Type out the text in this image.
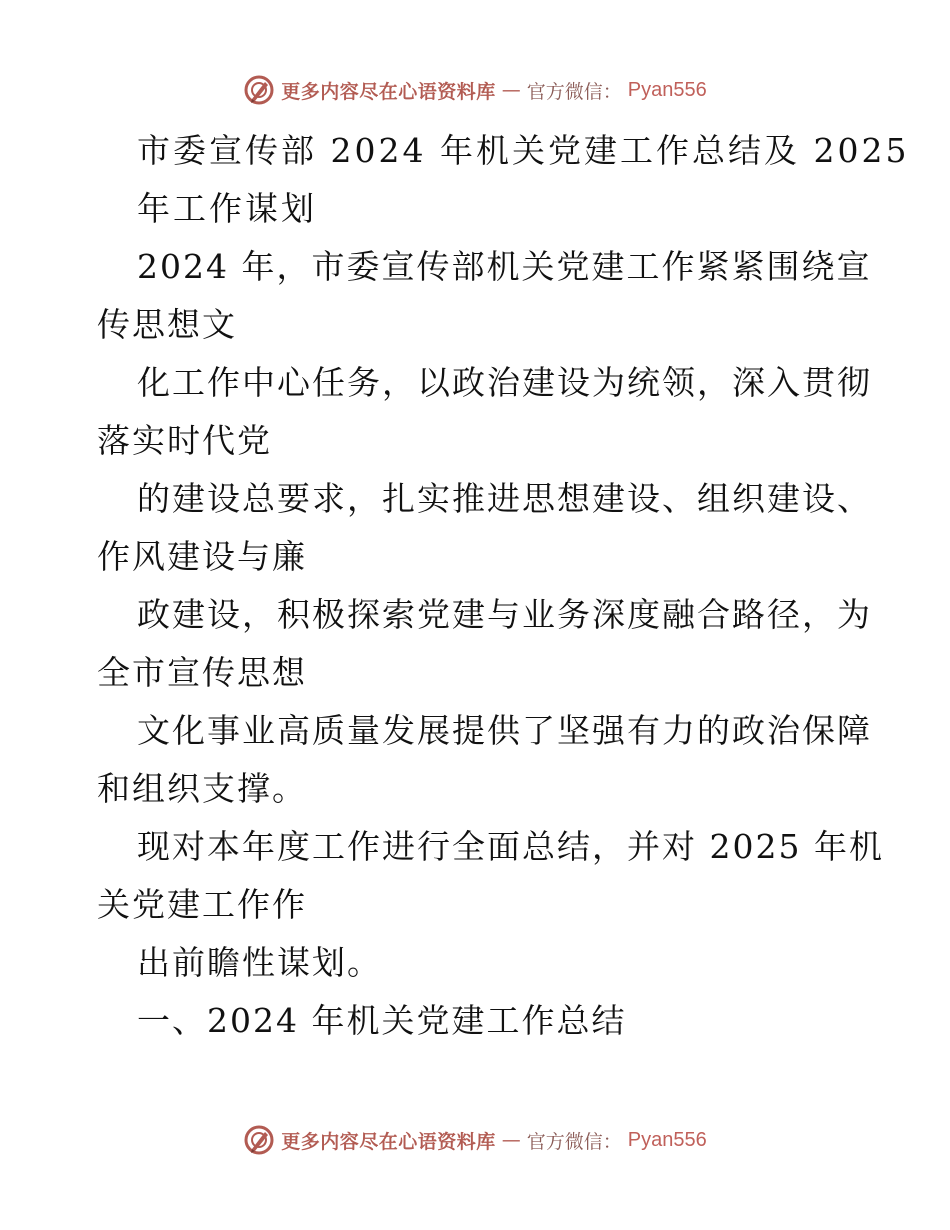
更多内容尽在心语资料库 — 官方微信： Pyan556
市委宣传部 2024 年机关党建工作总结及 2025
年工作谋划
2024 年，市委宣传部机关党建工作紧紧围绕宣
传思想文
化工作中心任务，以政治建设为统领，深入贯彻
落实时代党
的建设总要求，扎实推进思想建设、组织建设、
作风建设与廉
政建设，积极探索党建与业务深度融合路径，为
全市宣传思想
文化事业高质量发展提供了坚强有力的政治保障
和组织支撑。
现对本年度工作进行全面总结，并对 2025 年机
关党建工作作
出前瞻性谋划。
一、2024 年机关党建工作总结
更多内容尽在心语资料库 — 官方微信： Pyan556
